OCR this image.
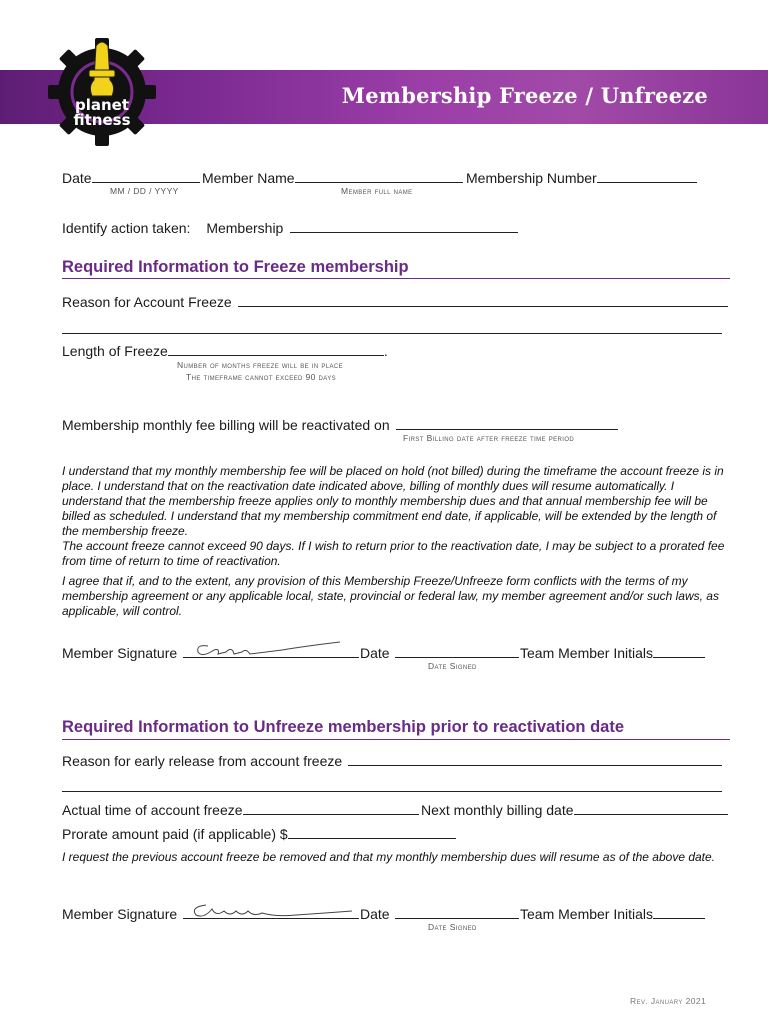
Membership Freeze / Unfreeze
planet
fitness
Date
MM / DD / YYYY
Member Name
Member full name
Membership Number
Identify action taken: Membership
Required Information to Freeze membership
Reason for Account Freeze
Length of Freeze	.
Number of months freeze will be in place
The timeframe cannot exceed 90 days
Membership monthly fee billing will be reactivated on
First Billing date after freeze time period
I understand that my monthly membership fee will be placed on hold (not billed) during the timeframe the account freeze is in place. I understand that on the reactivation date indicated above, billing of monthly dues will resume automatically. I understand that the membership freeze applies only to monthly membership dues and that annual membership fee will be billed as scheduled. I understand that my membership commitment end date, if applicable, will be extended by the length of the membership freeze.
The account freeze cannot exceed 90 days. If I wish to return prior to the reactivation date, I may be subject to a prorated fee from time of return to time of reactivation.
I agree that if, and to the extent, any provision of this Membership Freeze/Unfreeze form conflicts with the terms of my membership agreement or any applicable local, state, provincial or federal law, my member agreement and/or such laws, as applicable, will control.
Member Signature	Date
Date Signed
Team Member Initials
Required Information to Unfreeze membership prior to reactivation date
Reason for early release from account freeze
Actual time of account freeze	Next monthly billing date
Prorate amount paid (if applicable) $
I request the previous account freeze be removed and that my monthly membership dues will resume as of the above date.
Member Signature	Date
Date Signed
Team Member Initials
Rev. January 2021
